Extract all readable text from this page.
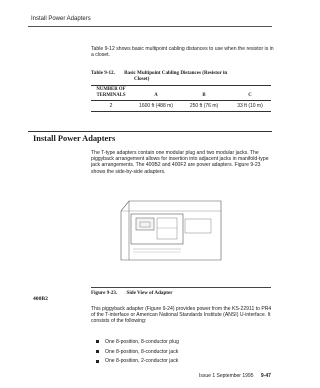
Install Power Adapters
Table 9-12 shows basic multipoint cabling distances to use when the resistor is in a closet.
Table 9-12. Basic Multipoint Cabling Distances (Resistor in
Closet)
NUMBER OF
TERMINALS	A	B	C
2	1600 ft (488 m)	250 ft (76 m)	33 ft (10 m)
Install Power Adapters
The T-type adapters contain one modular plug and two modular jacks. The piggyback arrangement allows for insertion into adjacent jacks in manifold-type jack arrangements. The 400B2 and 400F2 are power adapters. Figure 9-23 shows the side-by-side adapters.
Figure 9-23. Side View of Adapter
400B2
This piggyback adapter (Figure 9-24) provides power from the KS-22911 to PR4 of the T-interface or American National Standards Institute (ANSI) U-interface. It consists of the following:
One 8-position, 8-conductor plug
One 8-position, 8-conductor jack
One 8-position, 2-conductor jack
Issue 1 September 1995 9-47
